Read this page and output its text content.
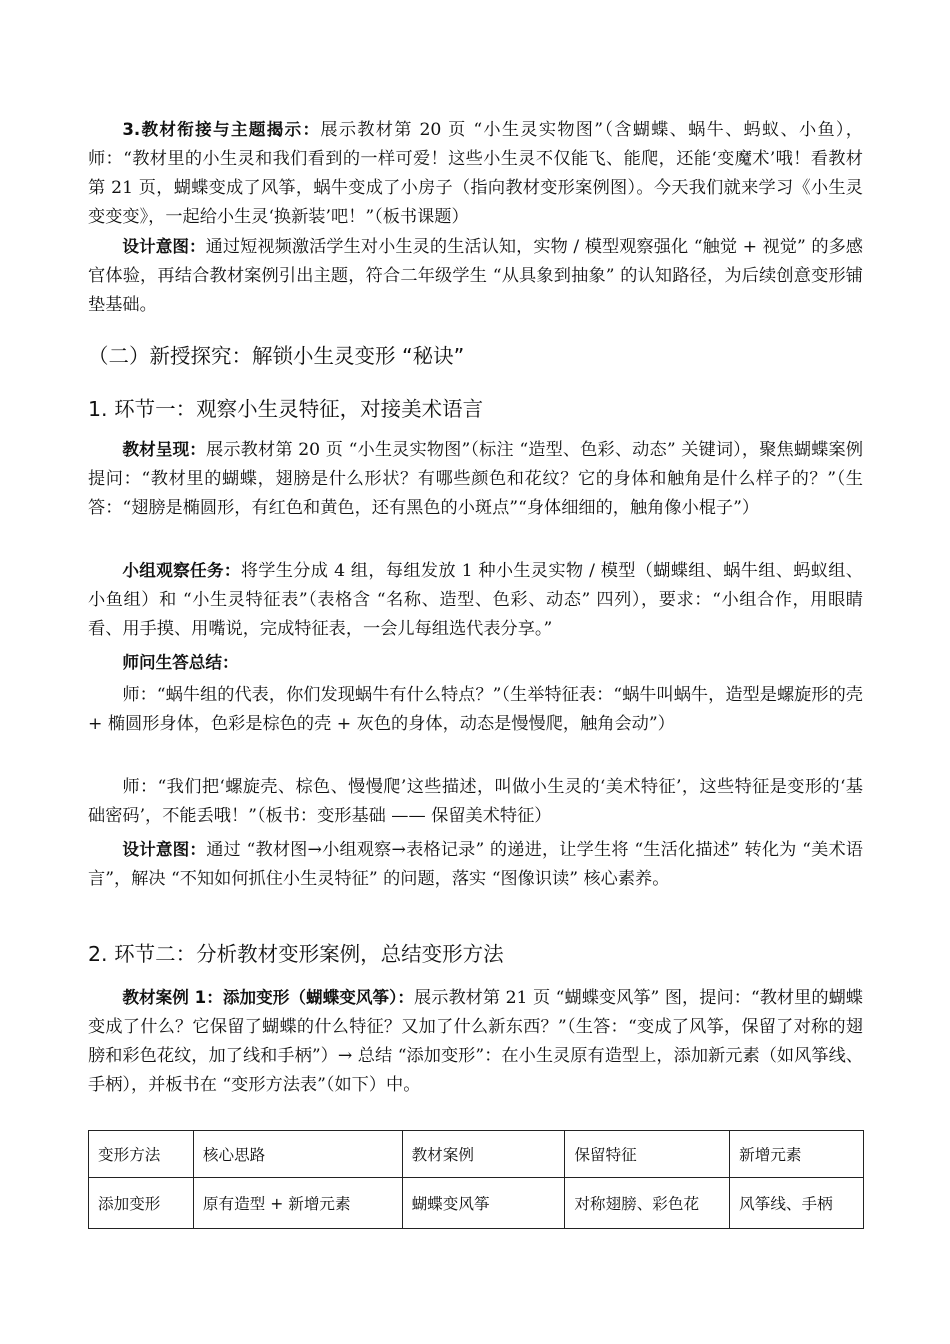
3.教材衔接与主题揭示：展示教材第 20 页 “小生灵实物图”（含蝴蝶、蜗牛、蚂蚁、小鱼），师：“教材里的小生灵和我们看到的一样可爱！这些小生灵不仅能飞、能爬，还能‘变魔术’哦！看教材第 21 页，蝴蝶变成了风筝，蜗牛变成了小房子（指向教材变形案例图）。今天我们就来学习《小生灵变变变》，一起给小生灵‘换新装’吧！”（板书课题）

设计意图：通过短视频激活学生对小生灵的生活认知，实物 / 模型观察强化 “触觉 + 视觉” 的多感官体验，再结合教材案例引出主题，符合二年级学生 “从具象到抽象” 的认知路径，为后续创意变形铺垫基础。

（二）新授探究：解锁小生灵变形 “秘诀”
1. 环节一：观察小生灵特征，对接美术语言

教材呈现：展示教材第 20 页 “小生灵实物图”（标注 “造型、色彩、动态” 关键词），聚焦蝴蝶案例提问：“教材里的蝴蝶，翅膀是什么形状？有哪些颜色和花纹？它的身体和触角是什么样子的？”（生答：“翅膀是椭圆形，有红色和黄色，还有黑色的小斑点”“身体细细的，触角像小棍子”）

小组观察任务：将学生分成 4 组，每组发放 1 种小生灵实物 / 模型（蝴蝶组、蜗牛组、蚂蚁组、小鱼组）和 “小生灵特征表”（表格含 “名称、造型、色彩、动态” 四列），要求：“小组合作，用眼睛看、用手摸、用嘴说，完成特征表，一会儿每组选代表分享。”

师问生答总结：

师：“蜗牛组的代表，你们发现蜗牛有什么特点？”（生举特征表：“蜗牛叫蜗牛，造型是螺旋形的壳 + 椭圆形身体，色彩是棕色的壳 + 灰色的身体，动态是慢慢爬，触角会动”）

师：“我们把‘螺旋壳、棕色、慢慢爬’这些描述，叫做小生灵的‘美术特征’，这些特征是变形的‘基础密码’，不能丢哦！”（板书：变形基础 —— 保留美术特征）

设计意图：通过 “教材图→小组观察→表格记录” 的递进，让学生将 “生活化描述” 转化为 “美术语言”，解决 “不知如何抓住小生灵特征” 的问题，落实 “图像识读” 核心素养。

2. 环节二：分析教材变形案例，总结变形方法

教材案例 1：添加变形（蝴蝶变风筝）：展示教材第 21 页 “蝴蝶变风筝” 图，提问：“教材里的蝴蝶变成了什么？它保留了蝴蝶的什么特征？又加了什么新东西？”（生答：“变成了风筝，保留了对称的翅膀和彩色花纹，加了线和手柄”）→ 总结 “添加变形”：在小生灵原有造型上，添加新元素（如风筝线、手柄），并板书在 “变形方法表”（如下）中。

变形方法	核心思路	教材案例	保留特征	新增元素
添加变形	原有造型 + 新增元素	蝴蝶变风筝	对称翅膀、彩色花	风筝线、手柄
